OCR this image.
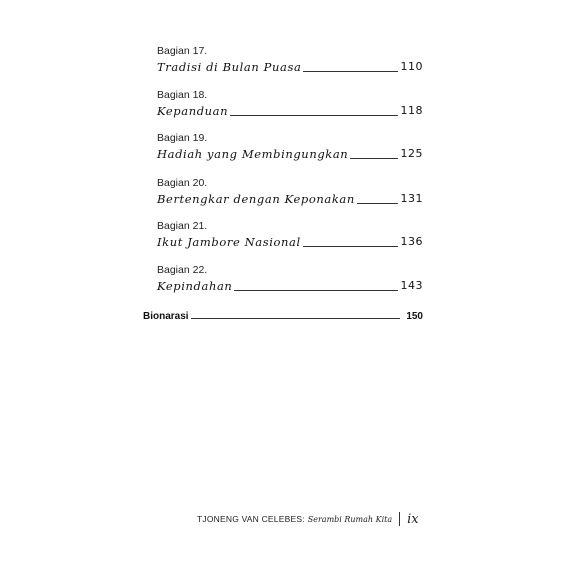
Bagian 17.
Tradisi di Bulan Puasa	110
Bagian 18.
Kepanduan	118
Bagian 19.
Hadiah yang Membingungkan	125
Bagian 20.
Bertengkar dengan Keponakan	131
Bagian 21.
Ikut Jambore Nasional	136
Bagian 22.
Kepindahan	143
Bionarasi	150
TJONENG VAN CELEBES: Serambi Rumah Kita ix
